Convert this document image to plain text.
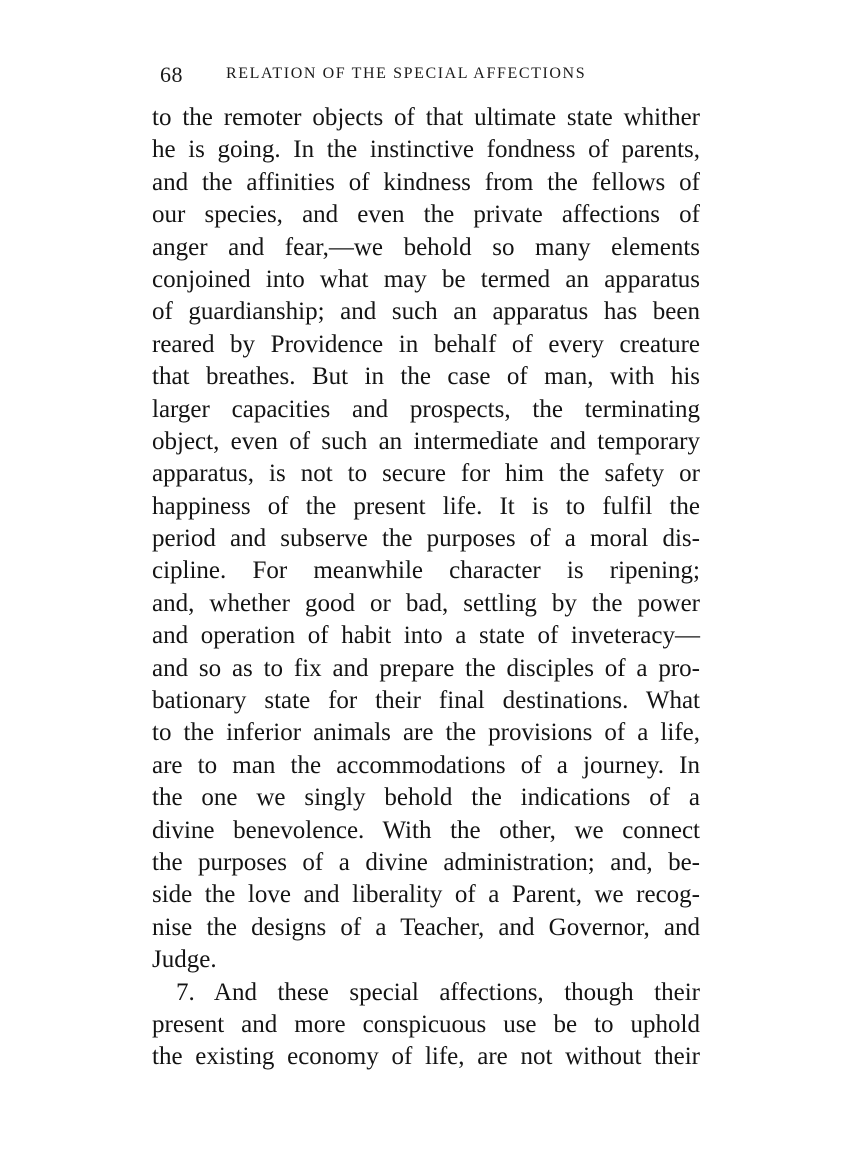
68	RELATION OF THE SPECIAL AFFECTIONS
to the remoter objects of that ultimate state whither
he is going. In the instinctive fondness of parents,
and the affinities of kindness from the fellows of
our species, and even the private affections of
anger and fear,—we behold so many elements
conjoined into what may be termed an apparatus
of guardianship; and such an apparatus has been
reared by Providence in behalf of every creature
that breathes. But in the case of man, with his
larger capacities and prospects, the terminating
object, even of such an intermediate and temporary
apparatus, is not to secure for him the safety or
happiness of the present life. It is to fulfil the
period and subserve the purposes of a moral dis-
cipline. For meanwhile character is ripening;
and, whether good or bad, settling by the power
and operation of habit into a state of inveteracy—
and so as to fix and prepare the disciples of a pro-
bationary state for their final destinations. What
to the inferior animals are the provisions of a life,
are to man the accommodations of a journey. In
the one we singly behold the indications of a
divine benevolence. With the other, we connect
the purposes of a divine administration; and, be-
side the love and liberality of a Parent, we recog-
nise the designs of a Teacher, and Governor, and
Judge.
7. And these special affections, though their
present and more conspicuous use be to uphold
the existing economy of life, are not without their
